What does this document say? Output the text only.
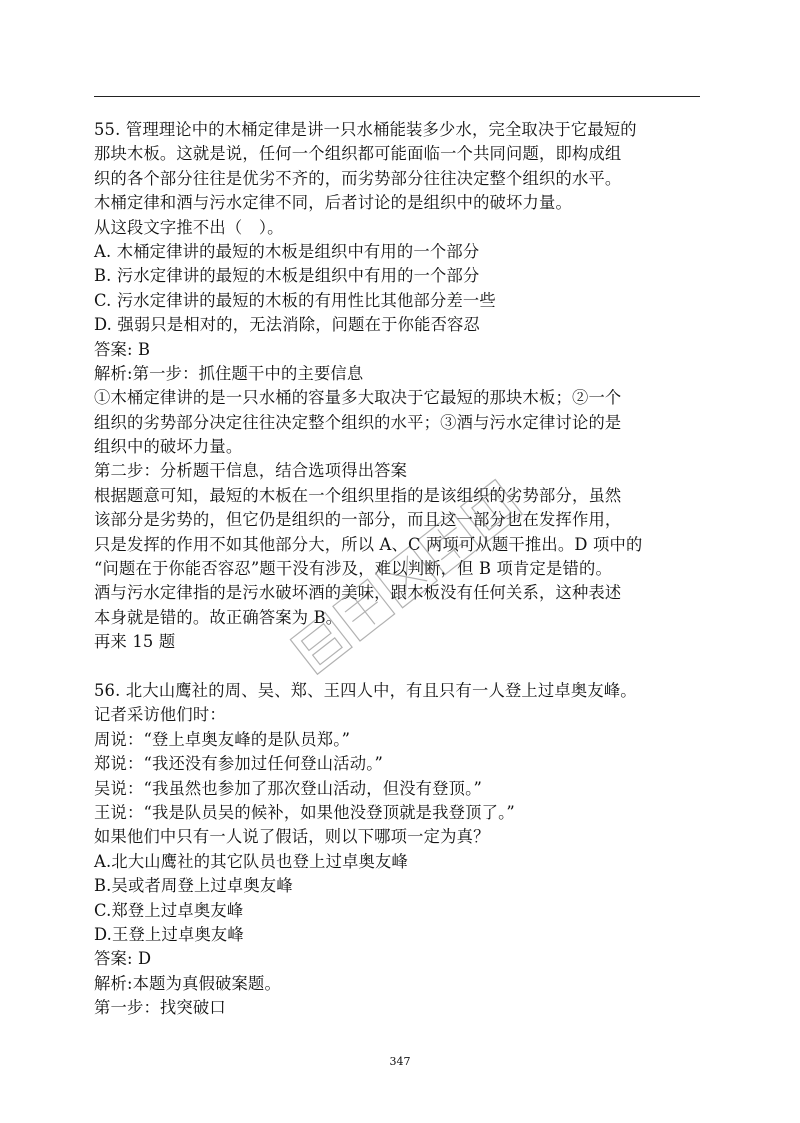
55. 管理理论中的木桶定律是讲一只水桶能装多少水，完全取决于它最短的
那块木板。这就是说，任何一个组织都可能面临一个共同问题，即构成组
织的各个部分往往是优劣不齐的，而劣势部分往往决定整个组织的水平。
木桶定律和酒与污水定律不同，后者讨论的是组织中的破坏力量。
从这段文字推不出（　）。
A. 木桶定律讲的最短的木板是组织中有用的一个部分
B. 污水定律讲的最短的木板是组织中有用的一个部分
C. 污水定律讲的最短的木板的有用性比其他部分差一些
D. 强弱只是相对的，无法消除，问题在于你能否容忍
答案: B
解析:第一步：抓住题干中的主要信息
①木桶定律讲的是一只水桶的容量多大取决于它最短的那块木板；②一个
组织的劣势部分决定往往决定整个组织的水平；③酒与污水定律讨论的是
组织中的破坏力量。
第二步：分析题干信息，结合选项得出答案
根据题意可知，最短的木板在一个组织里指的是该组织的劣势部分，虽然
该部分是劣势的，但它仍是组织的一部分，而且这一部分也在发挥作用，
只是发挥的作用不如其他部分大，所以 A、C 两项可从题干推出。D 项中的
“问题在于你能否容忍”题干没有涉及，难以判断，但 B 项肯定是错的。
酒与污水定律指的是污水破坏酒的美味，跟木板没有任何关系，这种表述
本身就是错的。故正确答案为 B。
再来 15 题
56. 北大山鹰社的周、吴、郑、王四人中，有且只有一人登上过卓奥友峰。
记者采访他们时：
周说：“登上卓奥友峰的是队员郑。”
郑说：“我还没有参加过任何登山活动。”
吴说：“我虽然也参加了那次登山活动，但没有登顶。”
王说：“我是队员吴的候补，如果他没登顶就是我登顶了。”
如果他们中只有一人说了假话，则以下哪项一定为真？
A.北大山鹰社的其它队员也登上过卓奥友峰
B.吴或者周登上过卓奥友峰
C.郑登上过卓奥友峰
D.王登上过卓奥友峰
答案: D
解析:本题为真假破案题。
第一步：找突破口
347
